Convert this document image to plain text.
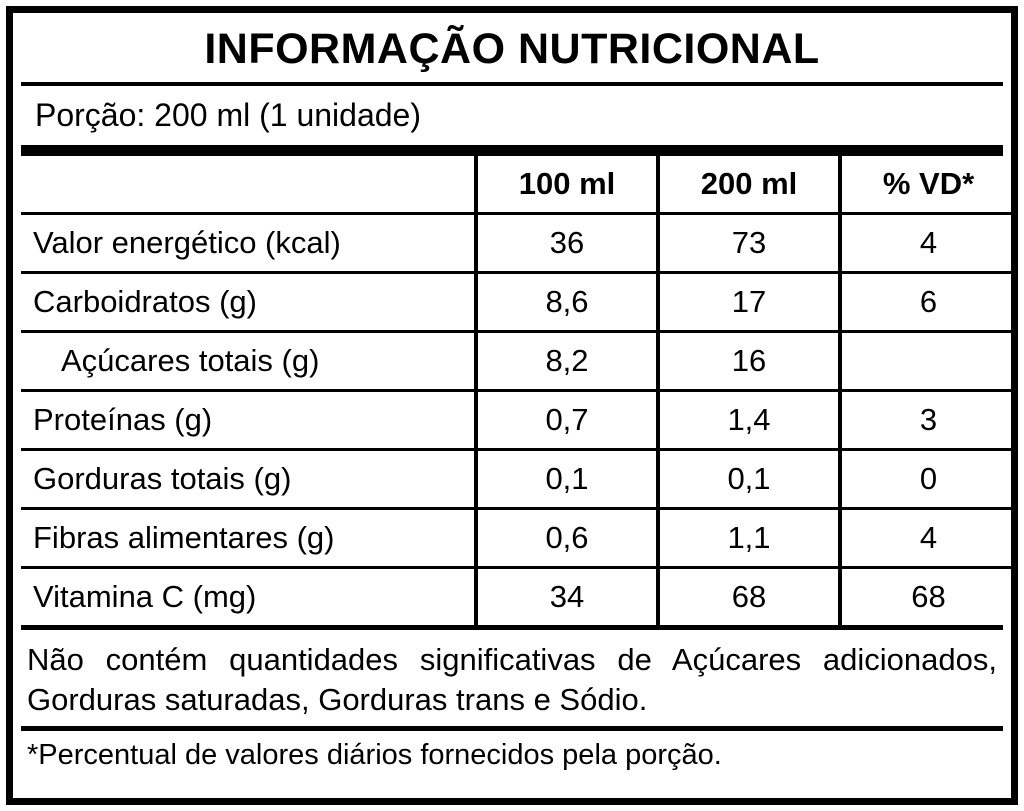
INFORMAÇÃO NUTRICIONAL
Porção: 200 ml (1 unidade)
	100 ml	200 ml	% VD*
Valor energético (kcal)	36	73	4
Carboidratos (g)	8,6	17	6
Açúcares totais (g)	8,2	16	
Proteínas (g)	0,7	1,4	3
Gorduras totais (g)	0,1	0,1	0
Fibras alimentares (g)	0,6	1,1	4
Vitamina C (mg)	34	68	68
Não contém quantidades significativas de Açúcares adicionados, Gorduras saturadas, Gorduras trans e Sódio.
*Percentual de valores diários fornecidos pela porção.
